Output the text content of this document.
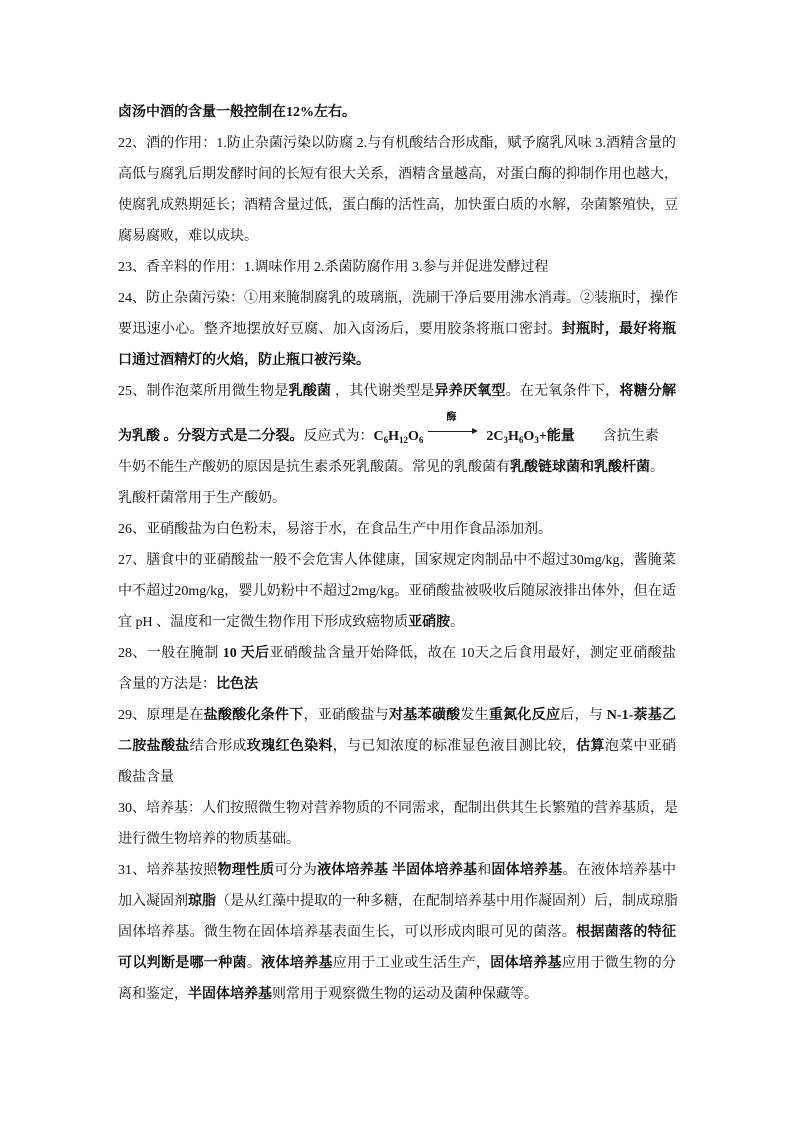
卤汤中酒的含量一般控制在12%左右。
22、酒的作用：1.防止杂菌污染以防腐 2.与有机酸结合形成酯，赋予腐乳风味 3.酒精含量的
高低与腐乳后期发酵时间的长短有很大关系，酒精含量越高，对蛋白酶的抑制作用也越大，
使腐乳成熟期延长；酒精含量过低，蛋白酶的活性高，加快蛋白质的水解，杂菌繁殖快，豆
腐易腐败，难以成块。
23、香辛料的作用：1.调味作用 2.杀菌防腐作用 3.参与并促进发酵过程
24、防止杂菌污染：①用来腌制腐乳的玻璃瓶，洗刷干净后要用沸水消毒。②装瓶时，操作
要迅速小心。整齐地摆放好豆腐、加入卤汤后，要用胶条将瓶口密封。封瓶时，最好将瓶
口通过酒精灯的火焰，防止瓶口被污染。
25、制作泡菜所用微生物是乳酸菌 ，其代谢类型是异养厌氧型。在无氧条件下，将糖分解
为乳酸 。分裂方式是二分裂。反应式为：$C_6H_{12}O_6$
酶
$2C_3H_6O_3+$能量 含抗生素
牛奶不能生产酸奶的原因是抗生素杀死乳酸菌。常见的乳酸菌有乳酸链球菌和乳酸杆菌。
乳酸杆菌常用于生产酸奶。
26、亚硝酸盐为白色粉末，易溶于水，在食品生产中用作食品添加剂。
27、膳食中的亚硝酸盐一般不会危害人体健康，国家规定肉制品中不超过30mg/kg，酱腌菜
中不超过20mg/kg，婴儿奶粉中不超过2mg/kg。亚硝酸盐被吸收后随尿液排出体外，但在适
宜 pH 、温度和一定微生物作用下形成致癌物质亚硝胺。
28、一般在腌制 10 天后亚硝酸盐含量开始降低，故在 10天之后食用最好，测定亚硝酸盐
含量的方法是：比色法
29、原理是在盐酸酸化条件下，亚硝酸盐与对基苯磺酸发生重氮化反应后，与 N-1-萘基乙
二胺盐酸盐结合形成玫瑰红色染料，与已知浓度的标准显色液目测比较，估算泡菜中亚硝
酸盐含量
30、培养基：人们按照微生物对营养物质的不同需求，配制出供其生长繁殖的营养基质，是
进行微生物培养的物质基础。
31、培养基按照物理性质可分为液体培养基 半固体培养基和固体培养基。在液体培养基中
加入凝固剂琼脂（是从红藻中提取的一种多糖，在配制培养基中用作凝固剂）后，制成琼脂
固体培养基。微生物在固体培养基表面生长，可以形成肉眼可见的菌落。根据菌落的特征
可以判断是哪一种菌。液体培养基应用于工业或生活生产，固体培养基应用于微生物的分
离和鉴定，半固体培养基则常用于观察微生物的运动及菌种保藏等。
